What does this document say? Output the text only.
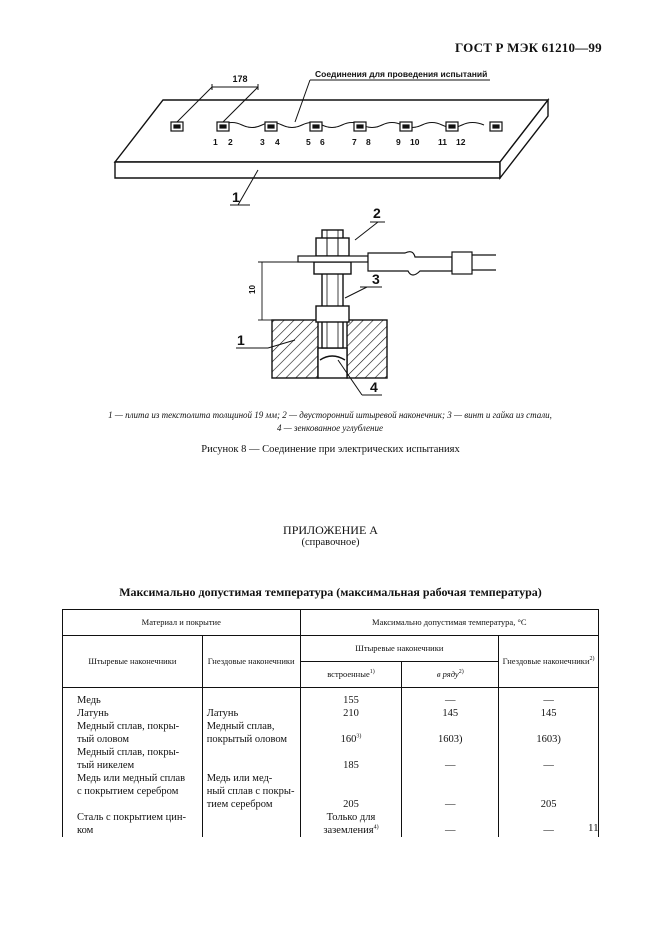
ГОСТ Р МЭК 61210—99
178	Соединения для проведения испытаний
1 2	3 4	5 6	7 8	9 10 11 12
1
10
2
3
1
4
1 — плита из текстолита толщиной 19 мм; 2 — двусторонний штыревой наконечник; 3 — винт и гайка из стали,
4 — зенкованное углубление
Рисунок 8 — Соединение при электрических испытаниях
ПРИЛОЖЕНИЕ А
(справочное)
Максимально допустимая температура (максимальная рабочая температура)
Материал и покрытие		Максимально допустимая температура, °С		
Штыревые наконечники	Гнездовые наконечники	Штыревые наконечники		Гнездовые наконечники$^{2)}$
		встроенные$^{1)}$	в ряду$^{2)}$

Медь		155	—	—
Латунь	Латунь	210	145	145
Медный сплав, покры-	Медный сплав,			
тый оловом	покрытый оловом	160$^{3)}$	1603)	1603)
Медный сплав, покры-				
тый никелем		185	—	—
Медь или медный сплав	Медь или мед-			
с покрытием серебром	ный сплав с покры-			
	тием серебром	205	—	205
Сталь с покрытием цин-		Только для		
ком		заземления$^{4)}$	—	—	11
